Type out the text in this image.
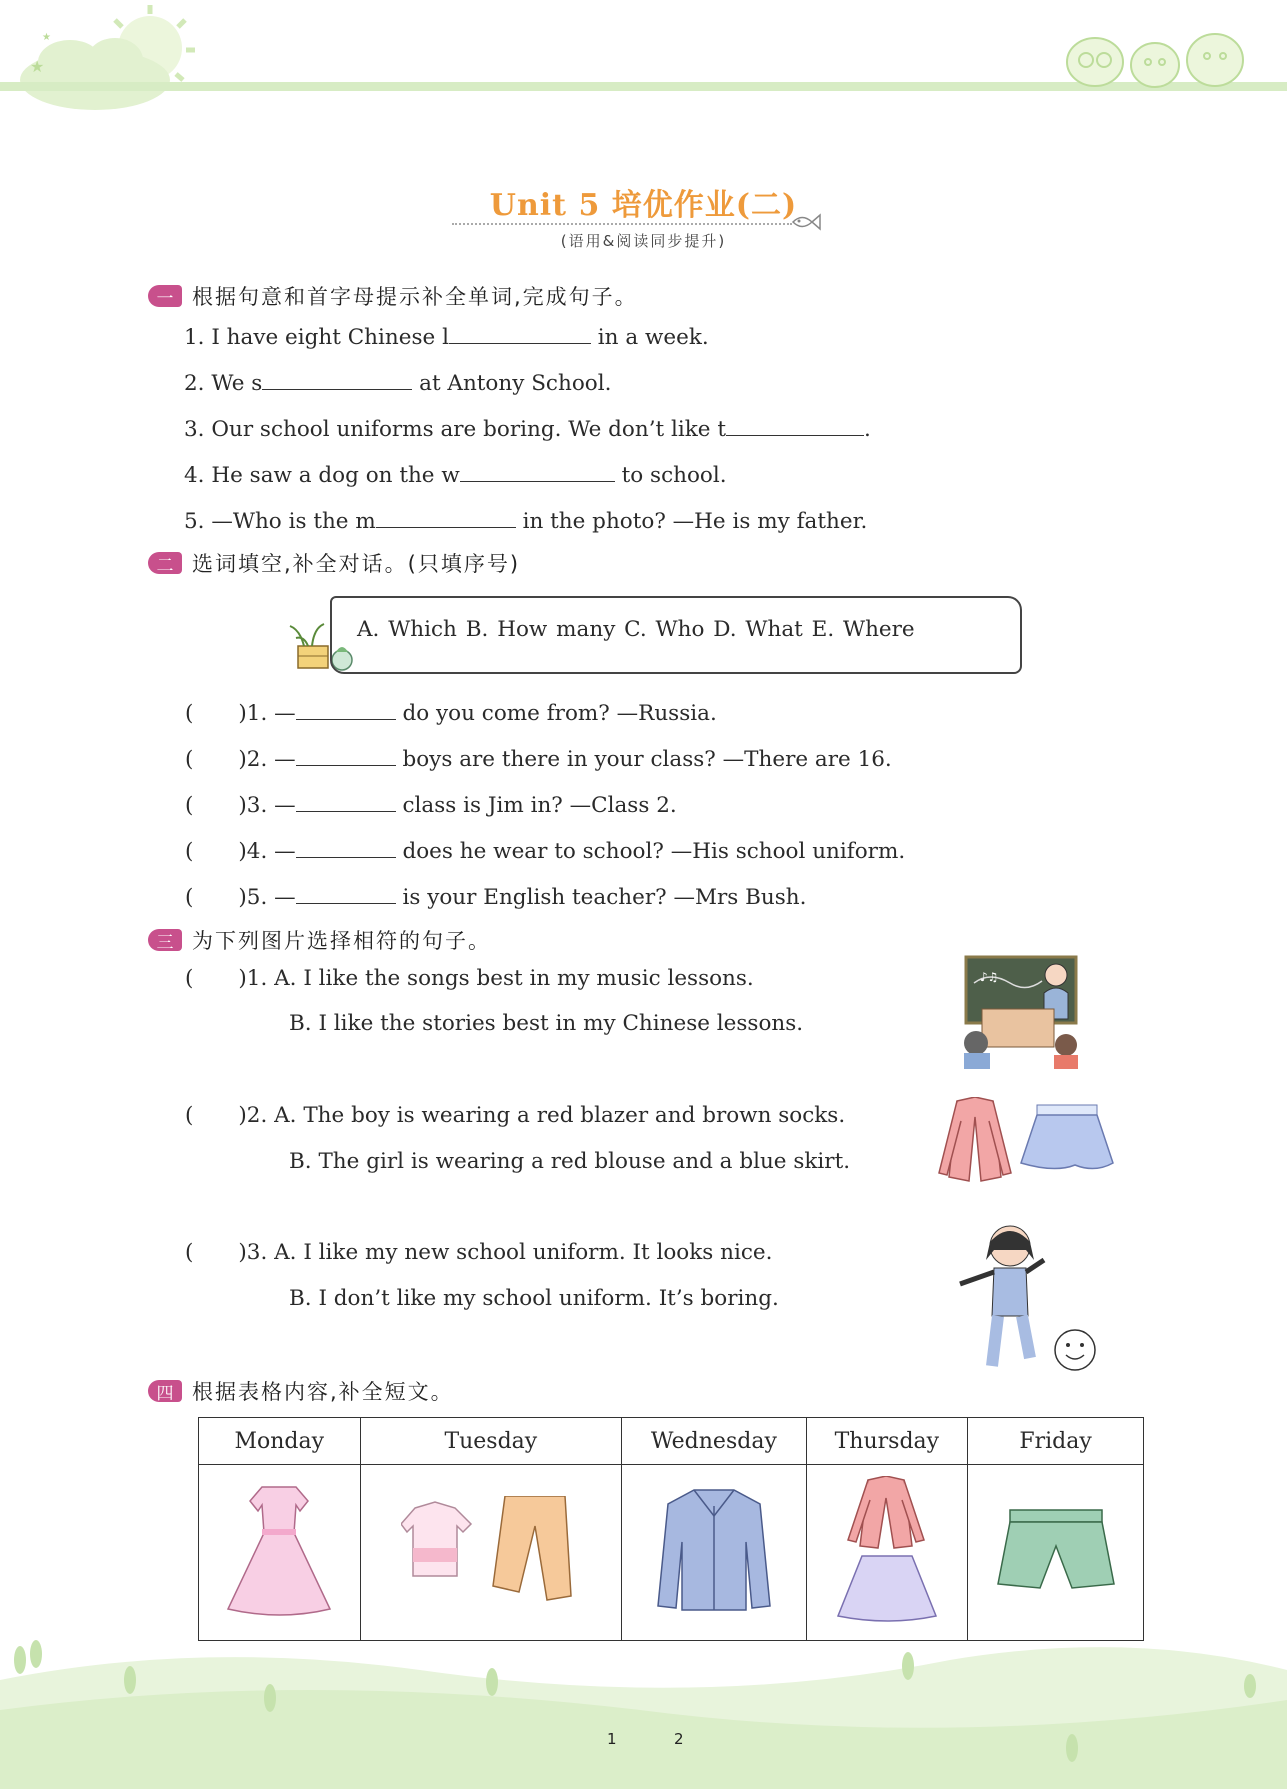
★
★
Unit 5 培优作业(二)
(语用&阅读同步提升)
一 根据句意和首字母提示补全单词,完成句子。
1. I have eight Chinese l	in a week.
2. We s	at Antony School.
3. Our school uniforms are boring. We don’t like t	.
4. He saw a dog on the w	to school.
5. —Who is the m	in the photo? —He is my father.
二 选词填空,补全对话。(只填序号)
A. Which B. How many C. Who D. What E. Where
( )1. —	do you come from? —Russia.
( )2. —	boys are there in your class? —There are 16.
( )3. —	class is Jim in? —Class 2.
( )4. —	does he wear to school? —His school uniform.
( )5. —	is your English teacher? —Mrs Bush.
三 为下列图片选择相符的句子。
( )1. A. I like the songs best in my music lessons.
B. I like the stories best in my Chinese lessons.
♪♫
( )2. A. The boy is wearing a red blazer and brown socks.
B. The girl is wearing a red blouse and a blue skirt.
( )3. A. I like my new school uniform. It looks nice.
B. I don’t like my school uniform. It’s boring.
四 根据表格内容,补全短文。
Monday	Tuesday	Wednesday	Thursday	Friday

1	2
